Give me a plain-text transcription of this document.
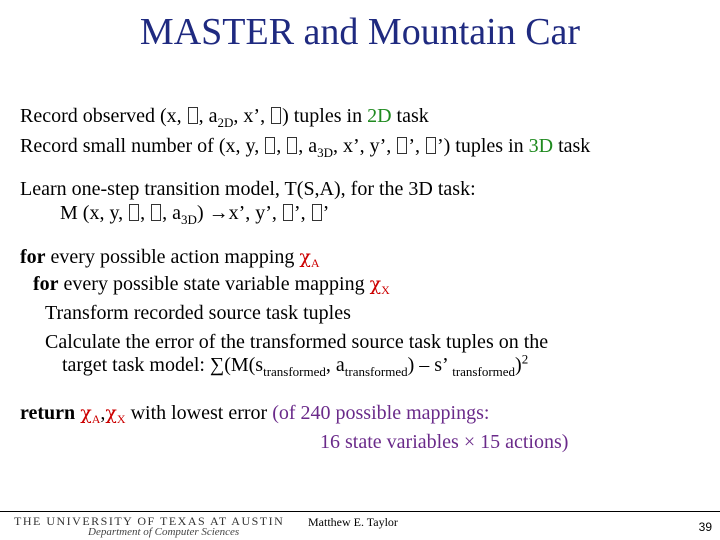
MASTER and Mountain Car
Record observed (x, , $a_{2D}$, x’, ) tuples in 2D task
Record small number of (x, y, , , $a_{3D}$, x’, y’, ’, ’) tuples in 3D task
Learn one-step transition model, T(S,A), for the 3D task:
M (x, y, , , $a_{3D}) \to x$’, y’, ’, ’
for every possible action mapping $\chi_A$
for every possible state variable mapping $\chi_X$
Transform recorded source task tuples
Calculate the error of the transformed source task tuples on the
target task model: $\sum(M(s_{transformed}$, $a_{transformed}$) – s’ $_{transformed}$)$^2$
return $\chi_A,\chi_X$ with lowest error (of 240 possible mappings:
16 state variables × 15 actions)
THE UNIVERSITY OF TEXAS AT AUSTIN
Department of Computer Sciences
Matthew E. Taylor	39
